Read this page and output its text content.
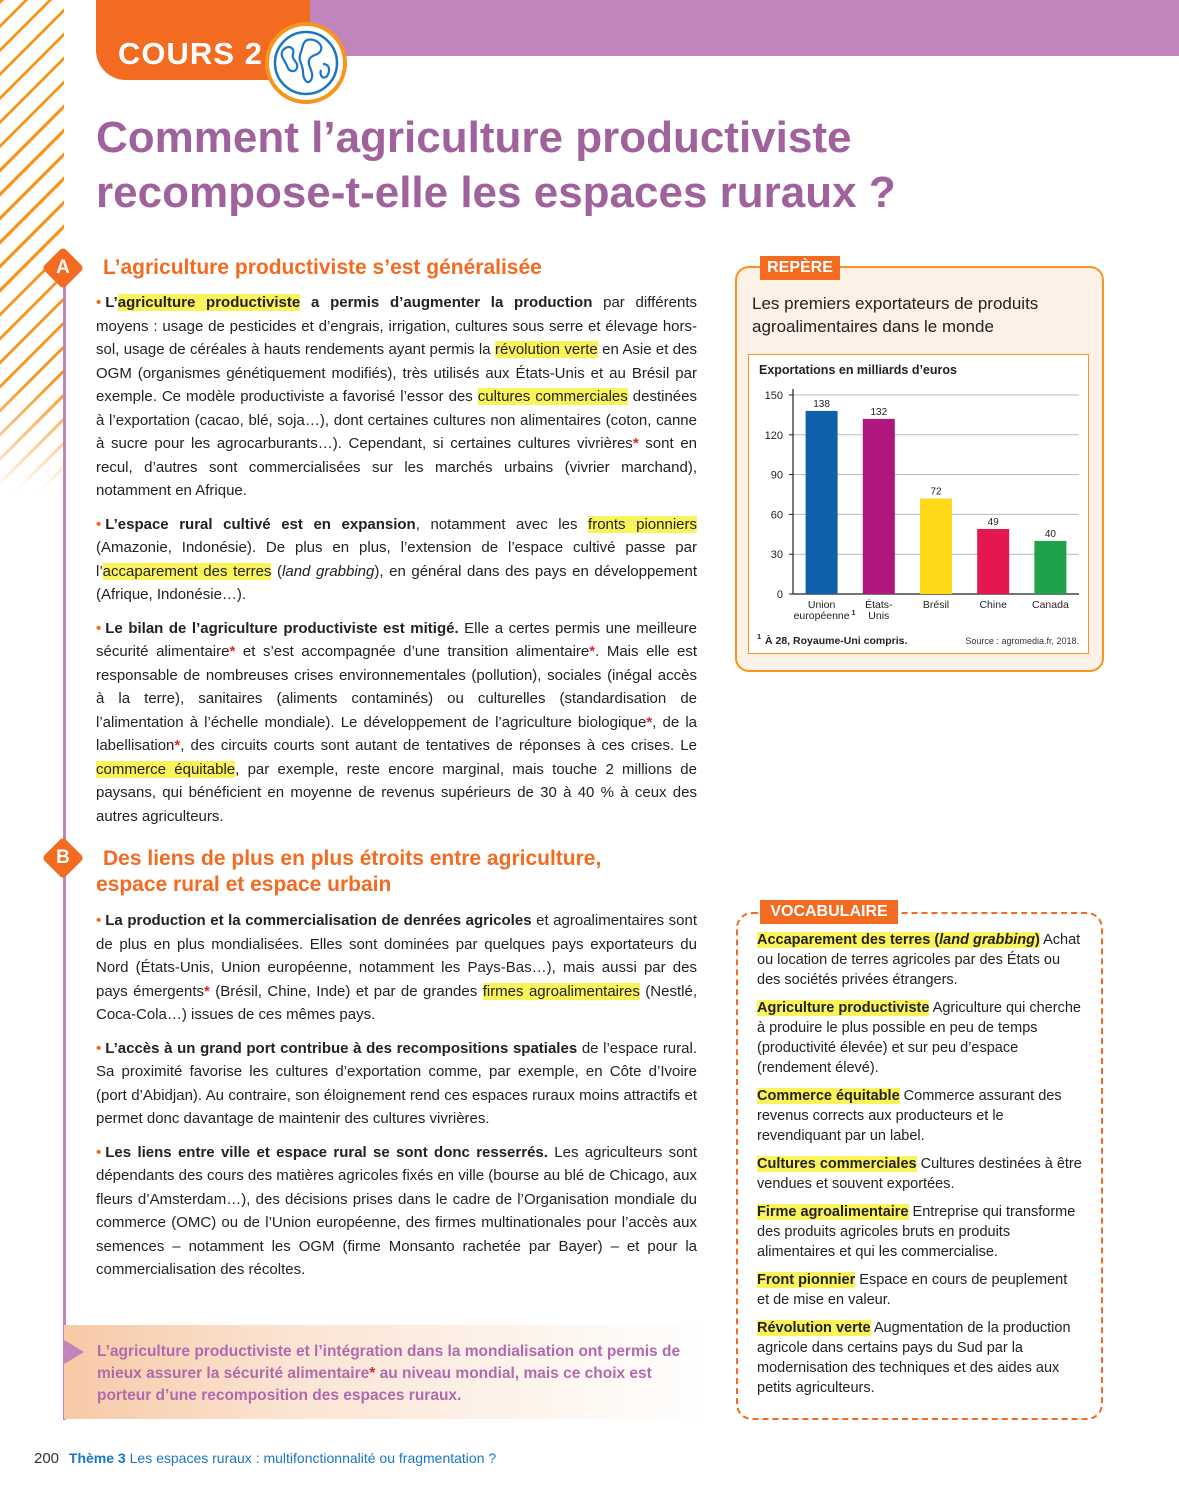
COURS 2
Comment l’agriculture productiviste recompose-t-elle les espaces ruraux ?
A	L’agriculture productiviste s’est généralisée

• L’agriculture productiviste a permis d’augmenter la production par différents moyens : usage de pesticides et d’engrais, irrigation, cultures sous serre et élevage hors-sol, usage de céréales à hauts rendements ayant permis la révolution verte en Asie et des OGM (organismes génétiquement modifiés), très utilisés aux États-Unis et au Brésil par exemple. Ce modèle productiviste a favorisé l’essor des cultures commerciales destinées à l’exportation (cacao, blé, soja…), dont certaines cultures non alimentaires (coton, canne à sucre pour les agrocarburants…). Cependant, si certaines cultures vivrières* sont en recul, d’autres sont commercialisées sur les marchés urbains (vivrier marchand), notamment en Afrique.

• L’espace rural cultivé est en expansion, notamment avec les fronts pionniers (Amazonie, Indonésie). De plus en plus, l’extension de l’espace cultivé passe par l’accaparement des terres (land grabbing), en général dans des pays en développement (Afrique, Indonésie…).

• Le bilan de l’agriculture productiviste est mitigé. Elle a certes permis une meilleure sécurité alimentaire* et s’est accompagnée d’une transition alimentaire*. Mais elle est responsable de nombreuses crises environnementales (pollution), sociales (inégal accès à la terre), sanitaires (aliments contaminés) ou culturelles (standardisation de l’alimentation à l’échelle mondiale). Le développement de l’agriculture biologique*, de la labellisation*, des circuits courts sont autant de tentatives de réponses à ces crises. Le commerce équitable, par exemple, reste encore marginal, mais touche 2 millions de paysans, qui bénéficient en moyenne de revenus supérieurs de 30 à 40 % à ceux des autres agriculteurs.

B	Des liens de plus en plus étroits entre agriculture,
espace rural et espace urbain

• La production et la commercialisation de denrées agricoles et agroalimentaires sont de plus en plus mondialisées. Elles sont dominées par quelques pays exportateurs du Nord (États-Unis, Union européenne, notamment les Pays-Bas…), mais aussi par des pays émergents* (Brésil, Chine, Inde) et par de grandes firmes agroalimentaires (Nestlé, Coca-Cola…) issues de ces mêmes pays.

• L’accès à un grand port contribue à des recompositions spatiales de l’espace rural. Sa proximité favorise les cultures d’exportation comme, par exemple, en Côte d’Ivoire (port d’Abidjan). Au contraire, son éloignement rend ces espaces ruraux moins attractifs et permet donc davantage de maintenir des cultures vivrières.

• Les liens entre ville et espace rural se sont donc resserrés. Les agriculteurs sont dépendants des cours des matières agricoles fixés en ville (bourse au blé de Chicago, aux fleurs d’Amsterdam…), des décisions prises dans le cadre de l’Organisation mondiale du commerce (OMC) ou de l’Union européenne, des firmes multinationales pour l’accès aux semences – notamment les OGM (firme Monsanto rachetée par Bayer) – et pour la commercialisation des récoltes.

L’agriculture productiviste et l’intégration dans la mondialisation ont permis de mieux assurer la sécurité alimentaire* au niveau mondial, mais ce choix est porteur d’une recomposition des espaces ruraux.
REPÈRE
Les premiers exportateurs de produits agroalimentaires dans le monde
Exportations en milliards d’euros
0
30
60
90
120
150
138
Union
européenne 1
132
États-
Unis
72
Brésil
49
Chine
40
Canada
1 À 28, Royaume-Uni compris.	Source : agromedia.fr, 2018.
VOCABULAIRE
Accaparement des terres (land grabbing) Achat ou location de terres agricoles par des États ou des sociétés privées étrangers.
Agriculture productiviste Agriculture qui cherche à produire le plus possible en peu de temps (productivité élevée) et sur peu d’espace (rendement élevé).
Commerce équitable Commerce assurant des revenus corrects aux producteurs et le revendiquant par un label.
Cultures commerciales Cultures destinées à être vendues et souvent exportées.
Firme agroalimentaire Entreprise qui transforme des produits agricoles bruts en produits alimentaires et qui les commercialise.
Front pionnier Espace en cours de peuplement et de mise en valeur.
Révolution verte Augmentation de la production agricole dans certains pays du Sud par la modernisation des techniques et des aides aux petits agriculteurs.
200 Thème 3 Les espaces ruraux : multifonctionnalité ou fragmentation ?
